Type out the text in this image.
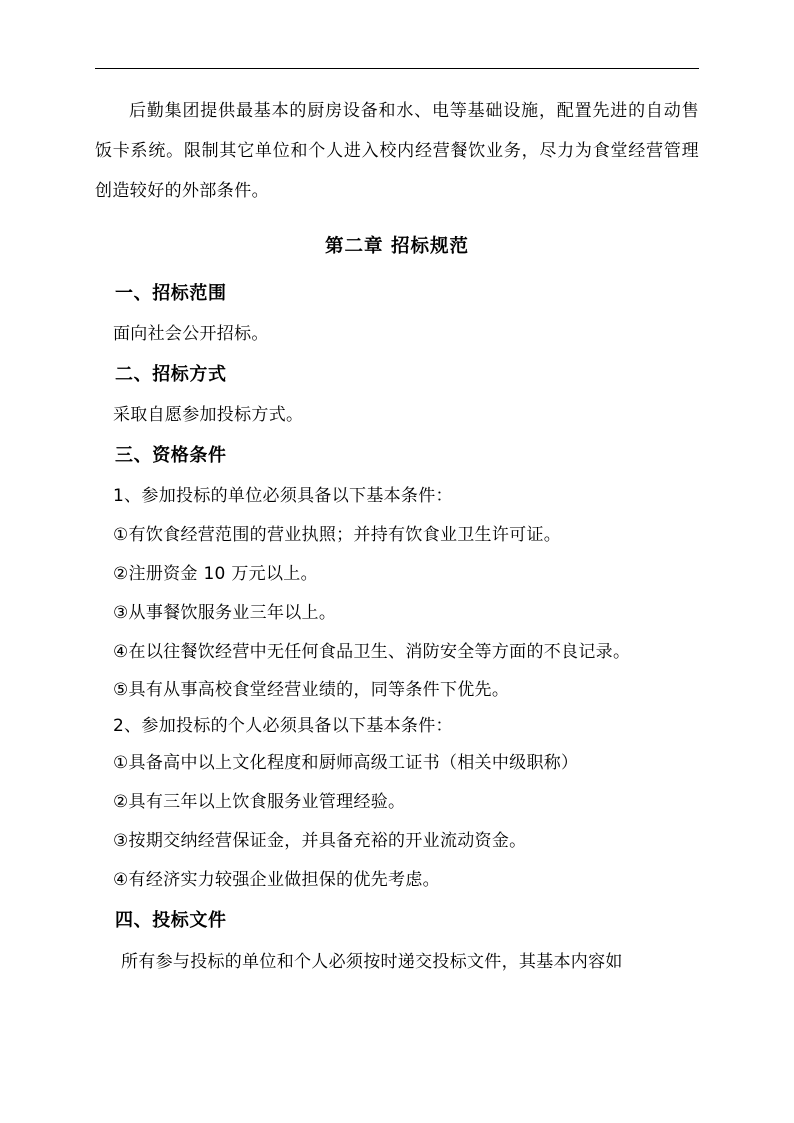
后勤集团提供最基本的厨房设备和水、电等基础设施，配置先进的自动售饭卡系统。限制其它单位和个人进入校内经营餐饮业务，尽力为食堂经营管理创造较好的外部条件。

第二章 招标规范

一、招标范围

面向社会公开招标。

二、招标方式

采取自愿参加投标方式。

三、资格条件

1、参加投标的单位必须具备以下基本条件：

①有饮食经营范围的营业执照；并持有饮食业卫生许可证。

②注册资金 10 万元以上。

③从事餐饮服务业三年以上。

④在以往餐饮经营中无任何食品卫生、消防安全等方面的不良记录。

⑤具有从事高校食堂经营业绩的，同等条件下优先。

2、参加投标的个人必须具备以下基本条件：

①具备高中以上文化程度和厨师高级工证书（相关中级职称）

②具有三年以上饮食服务业管理经验。

③按期交纳经营保证金，并具备充裕的开业流动资金。

④有经济实力较强企业做担保的优先考虑。

四、投标文件

所有参与投标的单位和个人必须按时递交投标文件，其基本内容如
